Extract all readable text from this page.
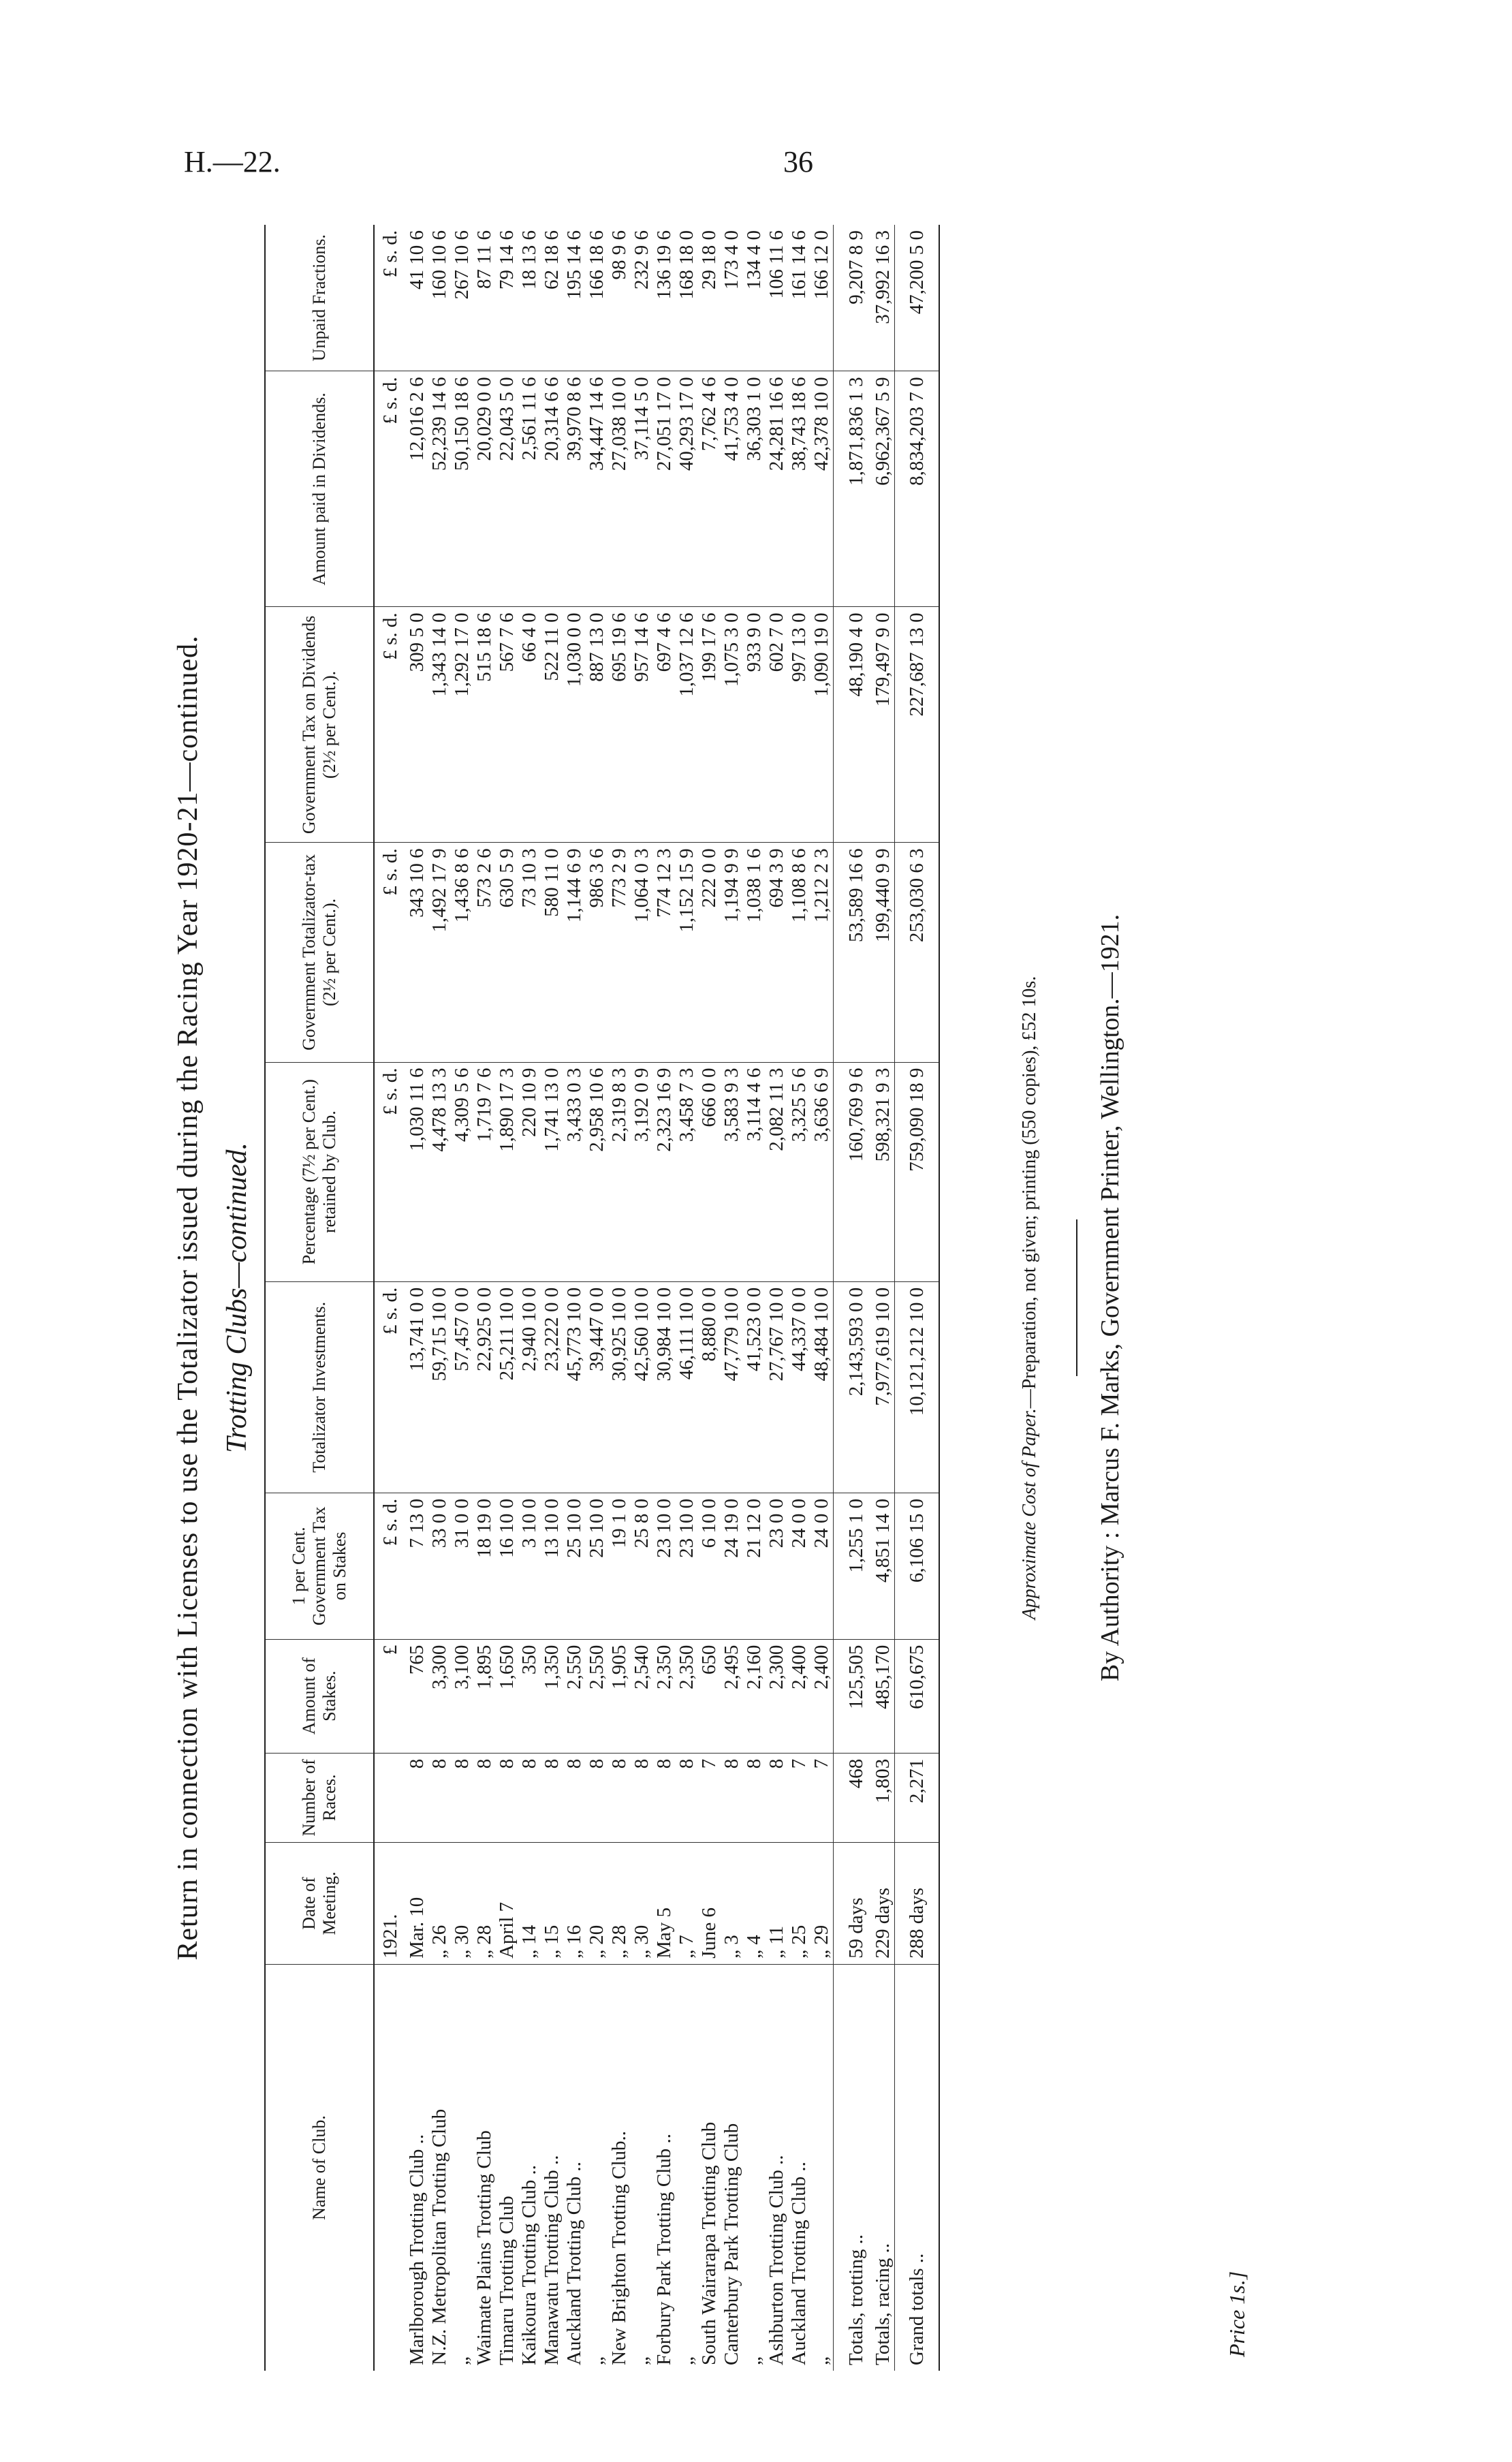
H.—22.	36
Return in connection with Licenses to use the Totalizator issued during the Racing Year 1920-21—continued. Trotting Clubs—continued.
Name of Club.	Date of Meeting.	Number of Races.	Amount of Stakes.	1 per Cent. Government Tax on Stakes	Totalizator Investments.	Percentage (7½ per Cent.) retained by Club.	Government Totalizator-tax (2½ per Cent.).	Government Tax on Dividends (2½ per Cent.).	Amount paid in Dividends.	Unpaid Fractions.
	1921.		£	£ s. d.	£ s. d.	£ s. d.	£ s. d.	£ s. d.	£ s. d.	£ s. d.
Marlborough Trotting Club ..	Mar. 10	8	765	7 13 0	13,741 0 0	1,030 11 6	343 10 6	309 5 0	12,016 2 6	41 10 6
N.Z. Metropolitan Trotting Club	„ 26	8	3,300	33 0 0	59,715 10 0	4,478 13 3	1,492 17 9	1,343 14 0	52,239 14 6	160 10 6
„	„ 30	8	3,100	31 0 0	57,457 0 0	4,309 5 6	1,436 8 6	1,292 17 0	50,150 18 6	267 10 6
Waimate Plains Trotting Club	„ 28	8	1,895	18 19 0	22,925 0 0	1,719 7 6	573 2 6	515 18 6	20,029 0 0	87 11 6
Timaru Trotting Club	April 7	8	1,650	16 10 0	25,211 10 0	1,890 17 3	630 5 9	567 7 6	22,043 5 0	79 14 6
Kaikoura Trotting Club ..	„ 14	8	350	3 10 0	2,940 10 0	220 10 9	73 10 3	66 4 0	2,561 11 6	18 13 6
Manawatu Trotting Club ..	„ 15	8	1,350	13 10 0	23,222 0 0	1,741 13 0	580 11 0	522 11 0	20,314 6 6	62 18 6
Auckland Trotting Club ..	„ 16	8	2,550	25 10 0	45,773 10 0	3,433 0 3	1,144 6 9	1,030 0 0	39,970 8 6	195 14 6
„	„ 20	8	2,550	25 10 0	39,447 0 0	2,958 10 6	986 3 6	887 13 0	34,447 14 6	166 18 6
New Brighton Trotting Club..	„ 28	8	1,905	19 1 0	30,925 10 0	2,319 8 3	773 2 9	695 19 6	27,038 10 0	98 9 6
„	„ 30	8	2,540	25 8 0	42,560 10 0	3,192 0 9	1,064 0 3	957 14 6	37,114 5 0	232 9 6
Forbury Park Trotting Club ..	May 5	8	2,350	23 10 0	30,984 10 0	2,323 16 9	774 12 3	697 4 6	27,051 17 0	136 19 6
„	„ 7	8	2,350	23 10 0	46,111 10 0	3,458 7 3	1,152 15 9	1,037 12 6	40,293 17 0	168 18 0
South Wairarapa Trotting Club	June 6	7	650	6 10 0	8,880 0 0	666 0 0	222 0 0	199 17 6	7,762 4 6	29 18 0
Canterbury Park Trotting Club	„ 3	8	2,495	24 19 0	47,779 10 0	3,583 9 3	1,194 9 9	1,075 3 0	41,753 4 0	173 4 0
„	„ 4	8	2,160	21 12 0	41,523 0 0	3,114 4 6	1,038 1 6	933 9 0	36,303 1 0	134 4 0
Ashburton Trotting Club ..	„ 11	8	2,300	23 0 0	27,767 10 0	2,082 11 3	694 3 9	602 7 0	24,281 16 6	106 11 6
Auckland Trotting Club ..	„ 25	7	2,400	24 0 0	44,337 0 0	3,325 5 6	1,108 8 6	997 13 0	38,743 18 6	161 14 6
„	„ 29	7	2,400	24 0 0	48,484 10 0	3,636 6 9	1,212 2 3	1,090 19 0	42,378 10 0	166 12 0
Totals, trotting ..	59 days	468	125,505	1,255 1 0	2,143,593 0 0	160,769 9 6	53,589 16 6	48,190 4 0	1,871,836 1 3	9,207 8 9
Totals, racing ..	229 days	1,803	485,170	4,851 14 0	7,977,619 10 0	598,321 9 3	199,440 9 9	179,497 9 0	6,962,367 5 9	37,992 16 3
Grand totals ..	288 days	2,271	610,675	6,106 15 0	10,121,212 10 0	759,090 18 9	253,030 6 3	227,687 13 0	8,834,203 7 0	47,200 5 0
Approximate Cost of Paper.—Preparation, not given; printing (550 copies), £52 10s. By Authority : Marcus F. Marks, Government Printer, Wellington.—1921.
Price 1s.]
